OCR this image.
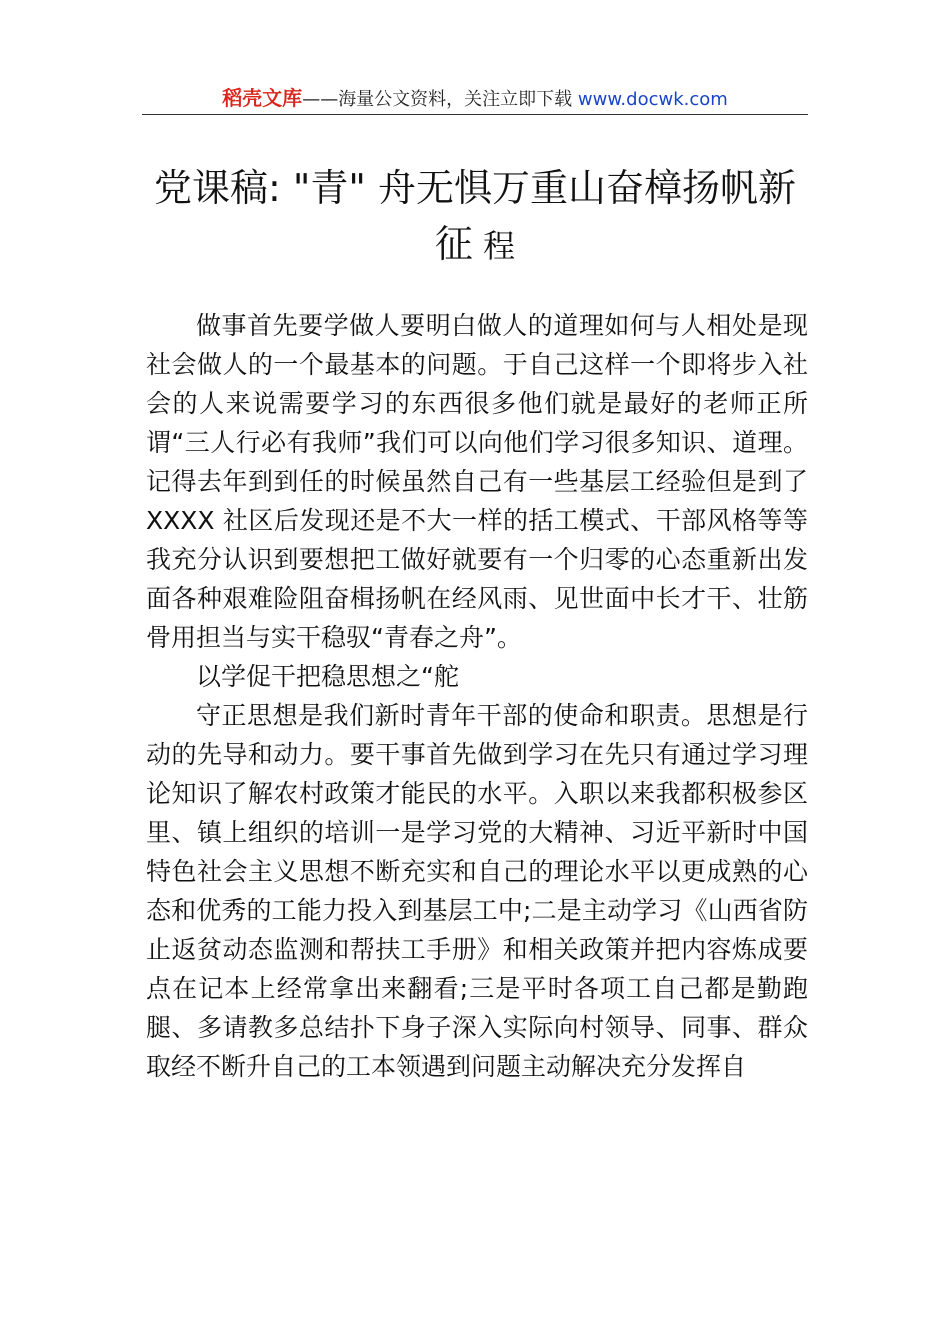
稻壳文库——海量公文资料，关注立即下载 www.docwk.com
党课稿: "青" 舟无惧万重山奋樟扬帆新
征 程

做事首先要学做人要明白做人的道理如何与人相处是现社会做人的一个最基本的问题。于自己这样一个即将步入社会的人来说需要学习的东西很多他们就是最好的老师正所谓“三人行必有我师”我们可以向他们学习很多知识、道理。记得去年到到任的时候虽然自己有一些基层工经验但是到了 XXXX 社区后发现还是不大一样的括工模式、干部风格等等我充分认识到要想把工做好就要有一个归零的心态重新出发面各种艰难险阻奋楫扬帆在经风雨、见世面中长才干、壮筋骨用担当与实干稳驭“青春之舟”。

以学促干把稳思想之“舵

守正思想是我们新时青年干部的使命和职责。思想是行动的先导和动力。要干事首先做到学习在先只有通过学习理论知识了解农村政策才能民的水平。入职以来我都积极参区里、镇上组织的培训一是学习党的大精神、习近平新时中国特色社会主义思想不断充实和自己的理论水平以更成熟的心态和优秀的工能力投入到基层工中;二是主动学习《山西省防止返贫动态监测和帮扶工手册》和相关政策并把内容炼成要点在记本上经常拿出来翻看;三是平时各项工自己都是勤跑腿、多请教多总结扑下身子深入实际向村领导、同事、群众取经不断升自己的工本领遇到问题主动解决充分发挥自
